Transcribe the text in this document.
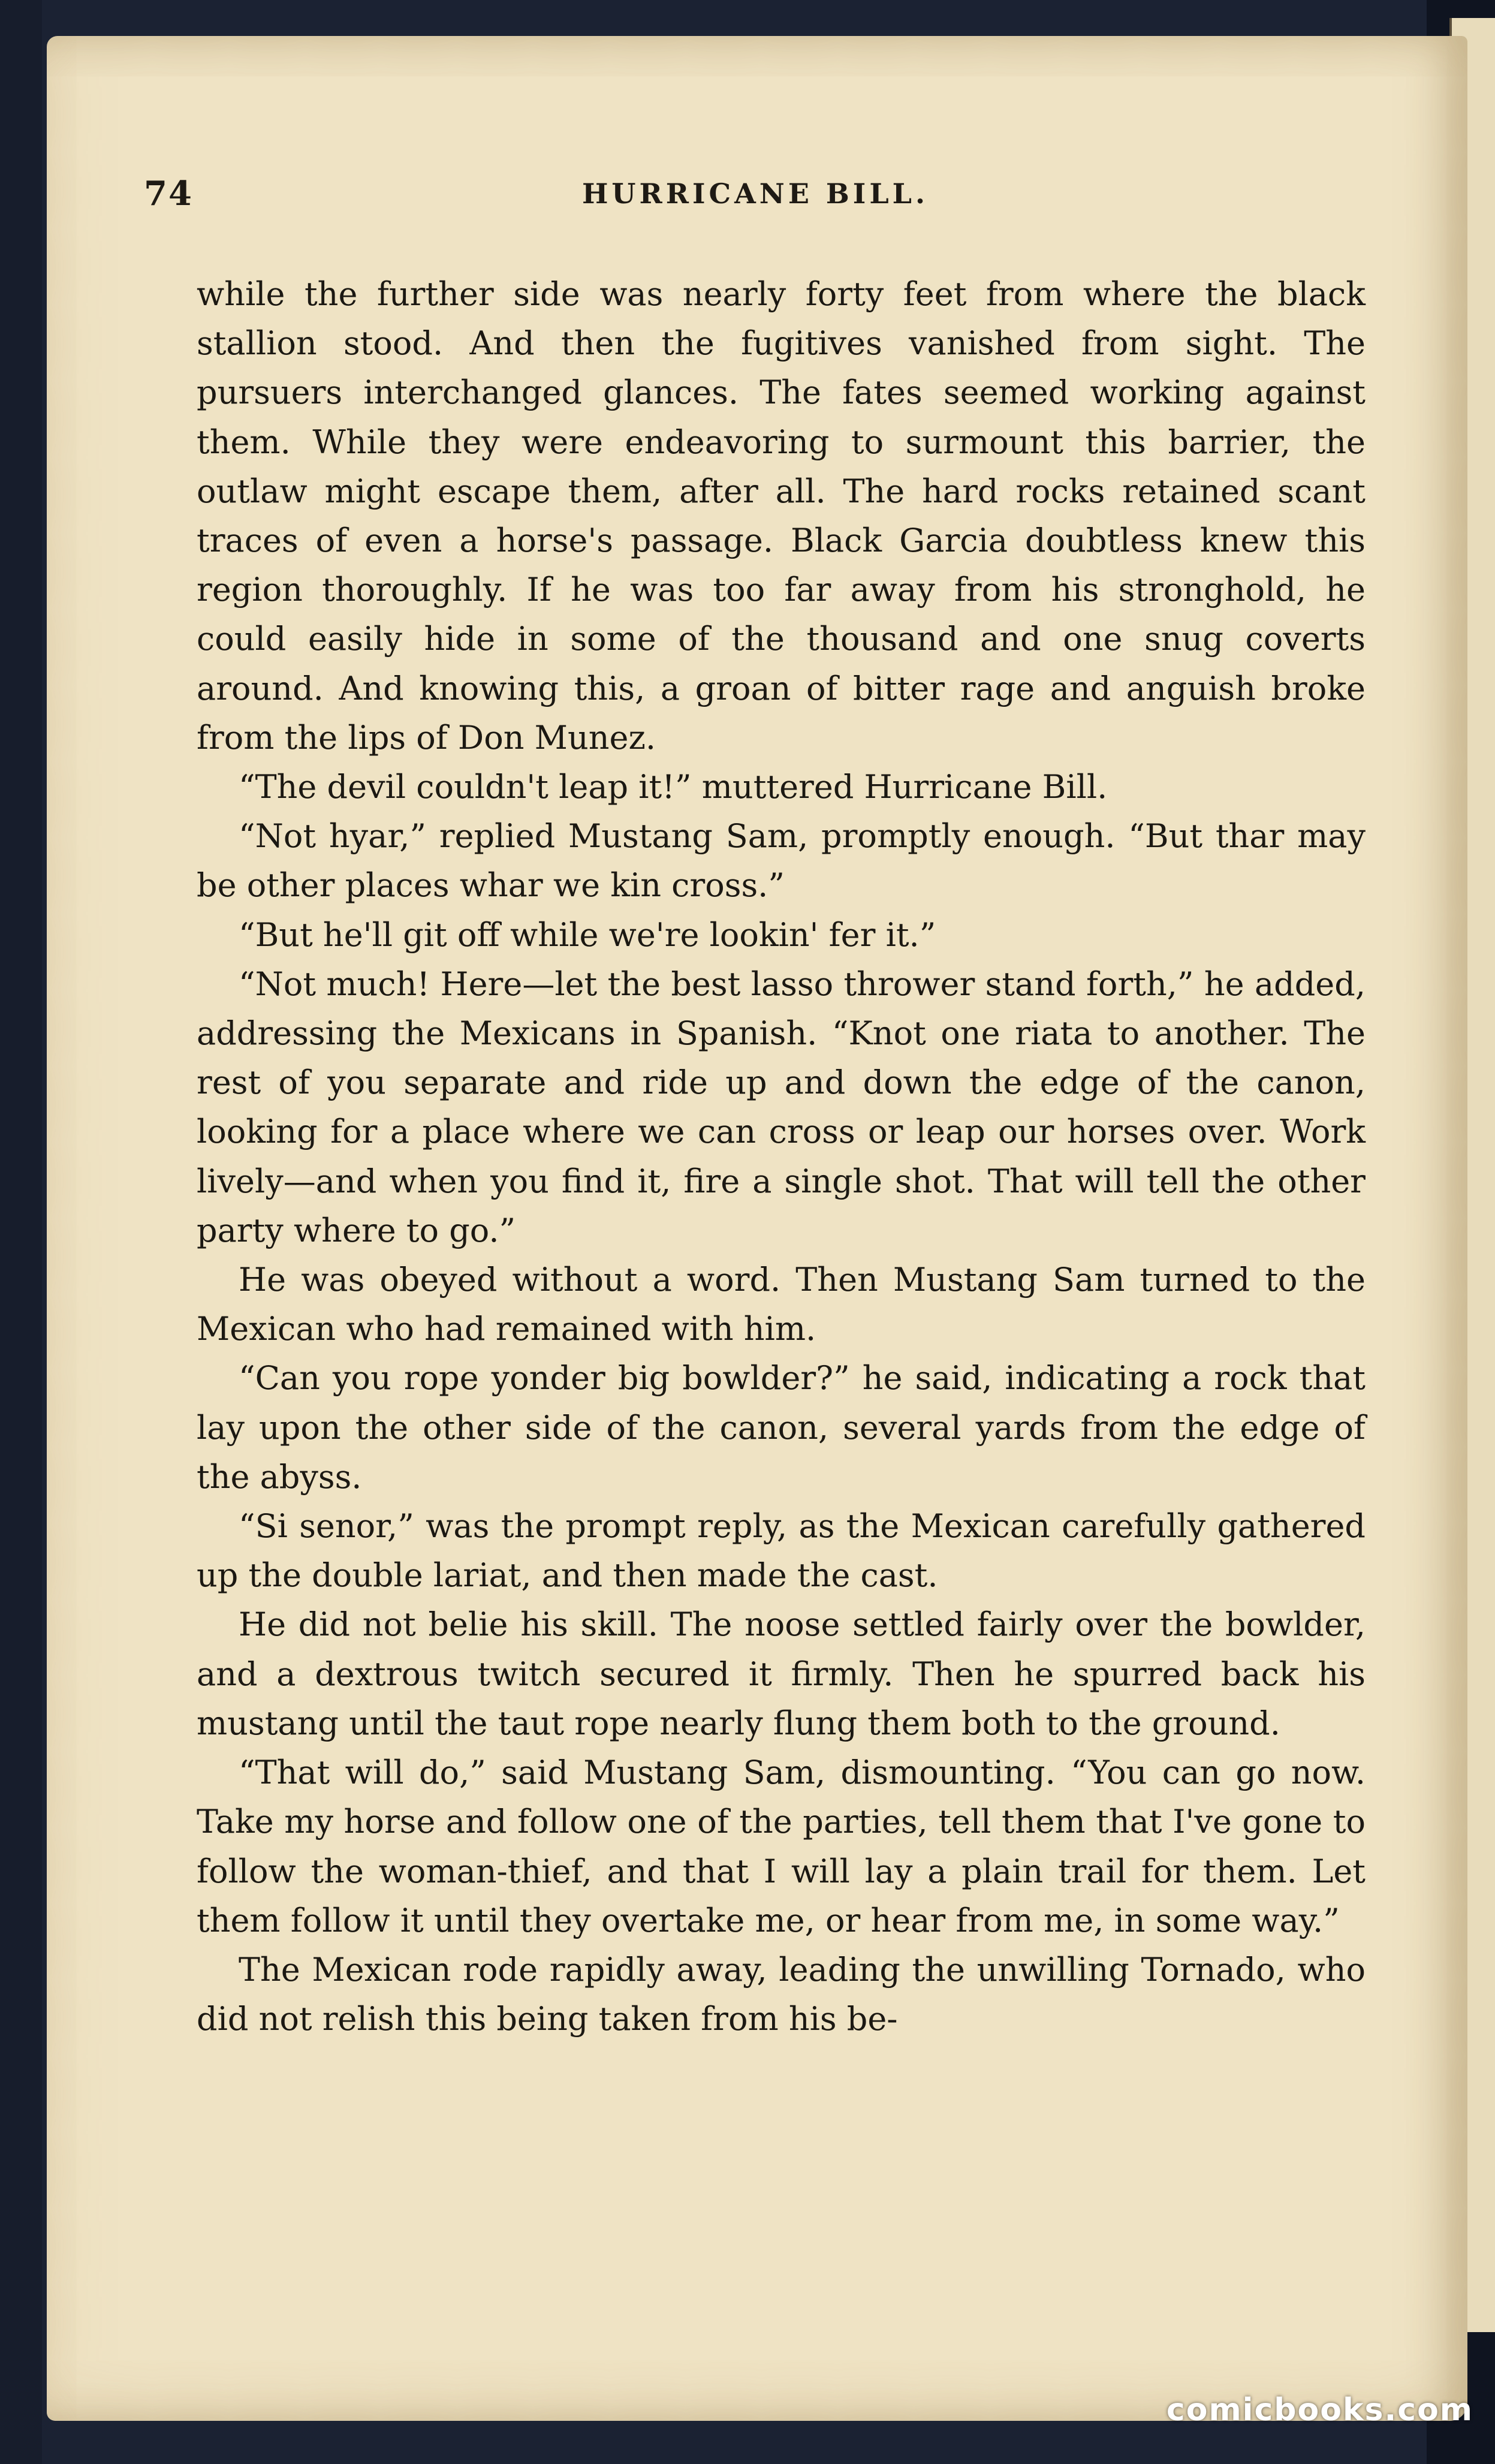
74	HURRICANE BILL.

while the further side was nearly forty feet from where the black stallion stood. And then the fugitives vanished from sight. The pursuers interchanged glances. The fates seemed working against them. While they were endeavoring to surmount this barrier, the outlaw might escape them, after all. The hard rocks retained scant traces of even a horse's passage. Black Garcia doubtless knew this region thoroughly. If he was too far away from his stronghold, he could easily hide in some of the thousand and one snug coverts around. And knowing this, a groan of bitter rage and anguish broke from the lips of Don Munez.

“The devil couldn't leap it!” muttered Hurricane Bill.

“Not hyar,” replied Mustang Sam, promptly enough. “But thar may be other places whar we kin cross.”

“But he'll git off while we're lookin' fer it.”

“Not much! Here—let the best lasso thrower stand forth,” he added, addressing the Mexicans in Spanish. “Knot one riata to another. The rest of you separate and ride up and down the edge of the canon, looking for a place where we can cross or leap our horses over. Work lively—and when you find it, fire a single shot. That will tell the other party where to go.”

He was obeyed without a word. Then Mustang Sam turned to the Mexican who had remained with him.

“Can you rope yonder big bowlder?” he said, indicating a rock that lay upon the other side of the canon, several yards from the edge of the abyss.

“Si senor,” was the prompt reply, as the Mexican carefully gathered up the double lariat, and then made the cast.

He did not belie his skill. The noose settled fairly over the bowlder, and a dextrous twitch secured it firmly. Then he spurred back his mustang until the taut rope nearly flung them both to the ground.

“That will do,” said Mustang Sam, dismounting. “You can go now. Take my horse and follow one of the parties, tell them that I've gone to follow the woman-thief, and that I will lay a plain trail for them. Let them follow it until they overtake me, or hear from me, in some way.”

The Mexican rode rapidly away, leading the unwilling Tornado, who did not relish this being taken from his be-

comicbooks.com
